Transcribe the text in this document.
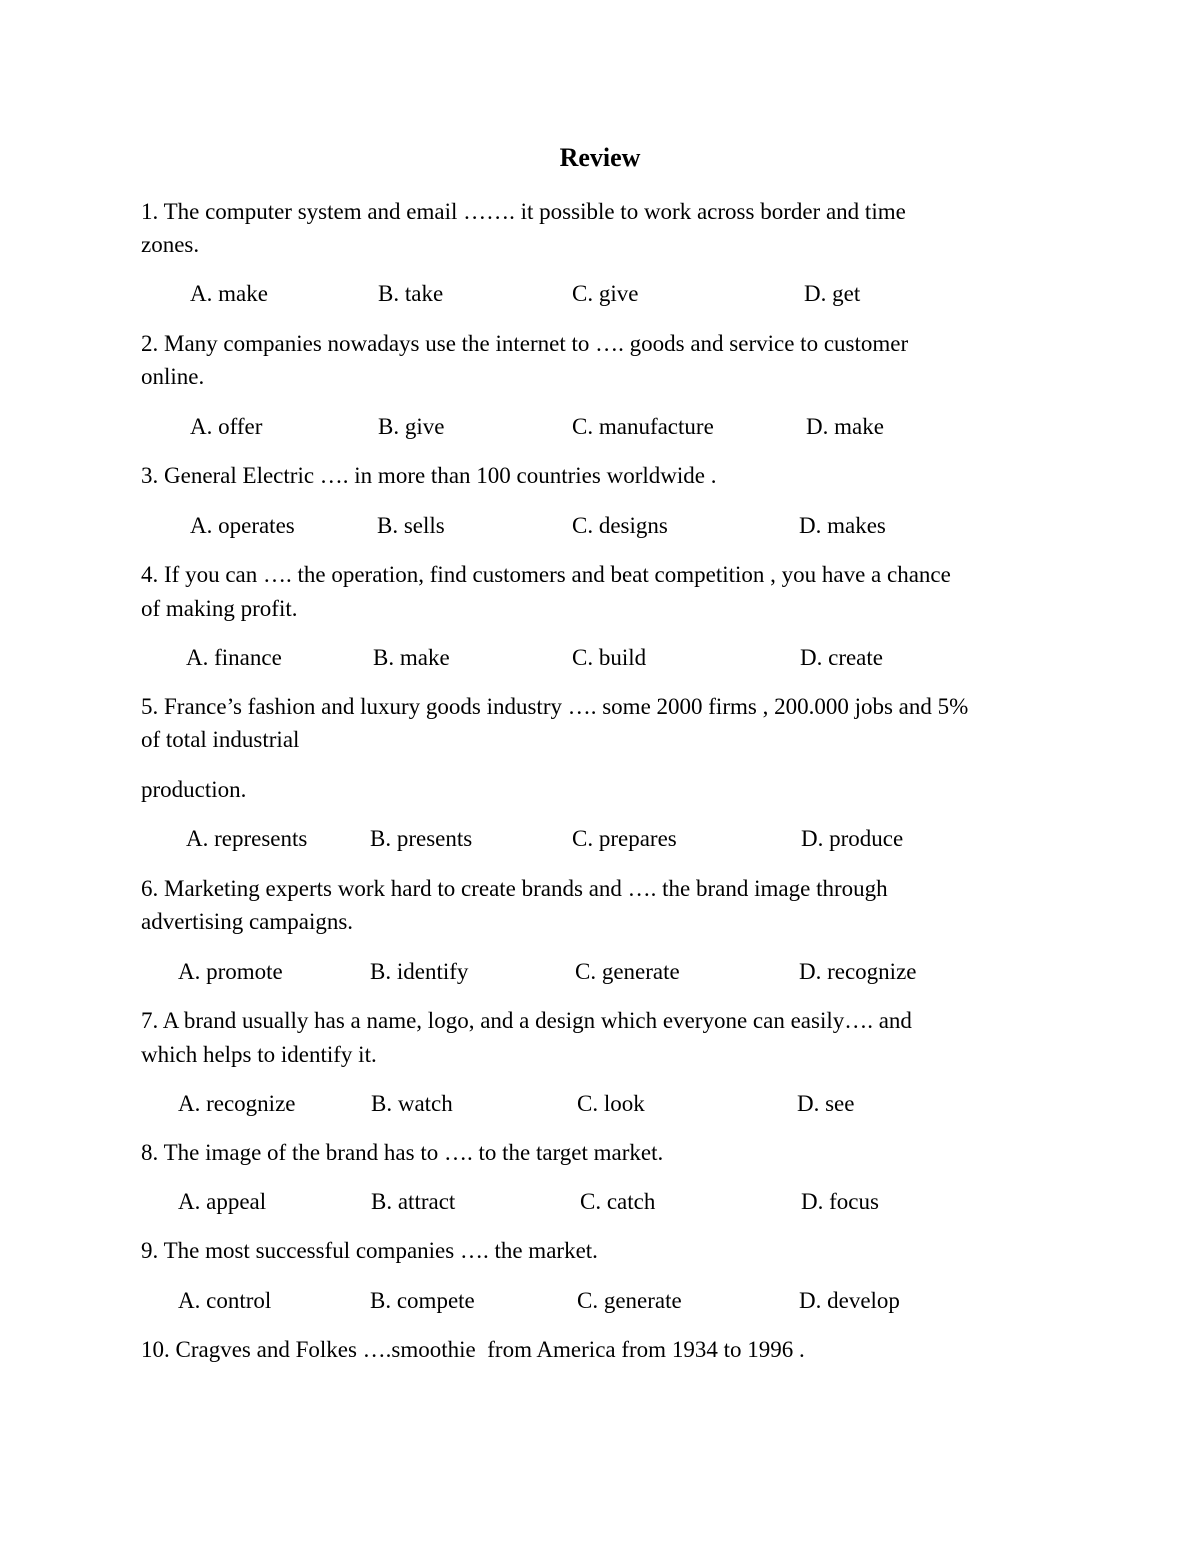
Review
1. The computer system and email ……. it possible to work across border and time
zones.
A. make	B. take	C. give	D. get
2. Many companies nowadays use the internet to …. goods and service to customer
online.
A. offer	B. give	C. manufacture	D. make
3. General Electric …. in more than 100 countries worldwide .
A. operates	B. sells	C. designs	D. makes
4. If you can …. the operation, find customers and beat competition , you have a chance
of making profit.
A. finance	B. make	C. build	D. create
5. France’s fashion and luxury goods industry …. some 2000 firms , 200.000 jobs and 5%
of total industrial
production.
A. represents	B. presents	C. prepares	D. produce
6. Marketing experts work hard to create brands and …. the brand image through
advertising campaigns.
A. promote	B. identify	C. generate	D. recognize
7. A brand usually has a name, logo, and a design which everyone can easily…. and
which helps to identify it.
A. recognize	B. watch	C. look	D. see
8. The image of the brand has to …. to the target market.
A. appeal	B. attract	C. catch	D. focus
9. The most successful companies …. the market.
A. control	B. compete	C. generate	D. develop
10. Cragves and Folkes ….smoothie  from America from 1934 to 1996 .
